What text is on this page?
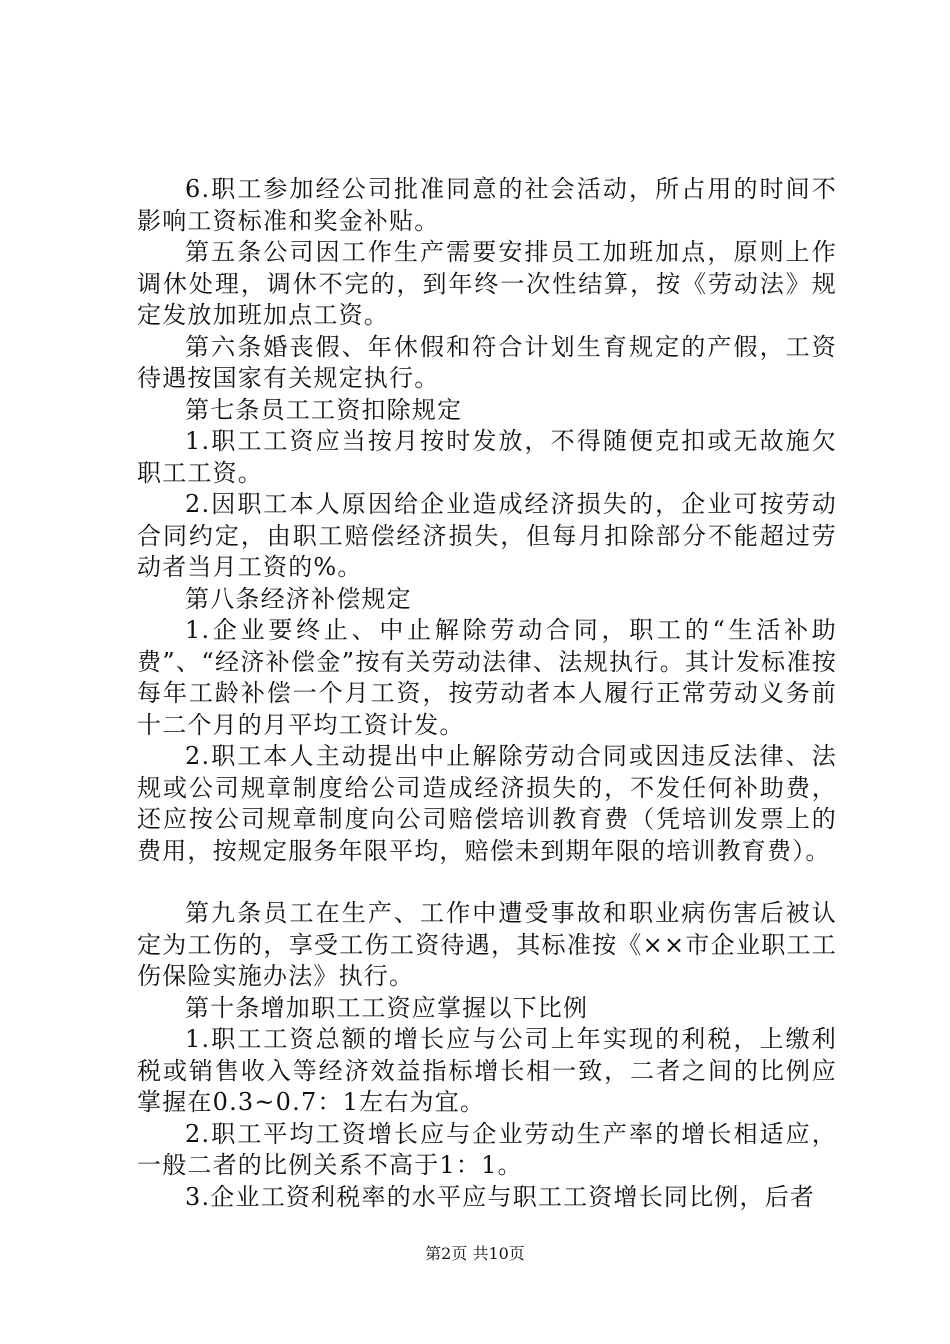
6.职工参加经公司批准同意的社会活动，所占用的时间不影响工资标准和奖金补贴。

第五条公司因工作生产需要安排员工加班加点，原则上作调休处理，调休不完的，到年终一次性结算，按《劳动法》规定发放加班加点工资。

第六条婚丧假、年休假和符合计划生育规定的产假，工资待遇按国家有关规定执行。

第七条员工工资扣除规定

1.职工工资应当按月按时发放，不得随便克扣或无故施欠职工工资。

2.因职工本人原因给企业造成经济损失的，企业可按劳动合同约定，由职工赔偿经济损失，但每月扣除部分不能超过劳动者当月工资的%。

第八条经济补偿规定

1.企业要终止、中止解除劳动合同，职工的“生活补助费”、“经济补偿金”按有关劳动法律、法规执行。其计发标准按每年工龄补偿一个月工资，按劳动者本人履行正常劳动义务前十二个月的月平均工资计发。

2.职工本人主动提出中止解除劳动合同或因违反法律、法规或公司规章制度给公司造成经济损失的，不发任何补助费，还应按公司规章制度向公司赔偿培训教育费（凭培训发票上的费用，按规定服务年限平均，赔偿未到期年限的培训教育费）。

第九条员工在生产、工作中遭受事故和职业病伤害后被认定为工伤的，享受工伤工资待遇，其标准按《××市企业职工工伤保险实施办法》执行。

第十条增加职工工资应掌握以下比例

1.职工工资总额的增长应与公司上年实现的利税，上缴利税或销售收入等经济效益指标增长相一致，二者之间的比例应掌握在0.3~0.7：1左右为宜。

2.职工平均工资增长应与企业劳动生产率的增长相适应，一般二者的比例关系不高于1：1。

3.企业工资利税率的水平应与职工工资增长同比例，后者

第2页 共10页
